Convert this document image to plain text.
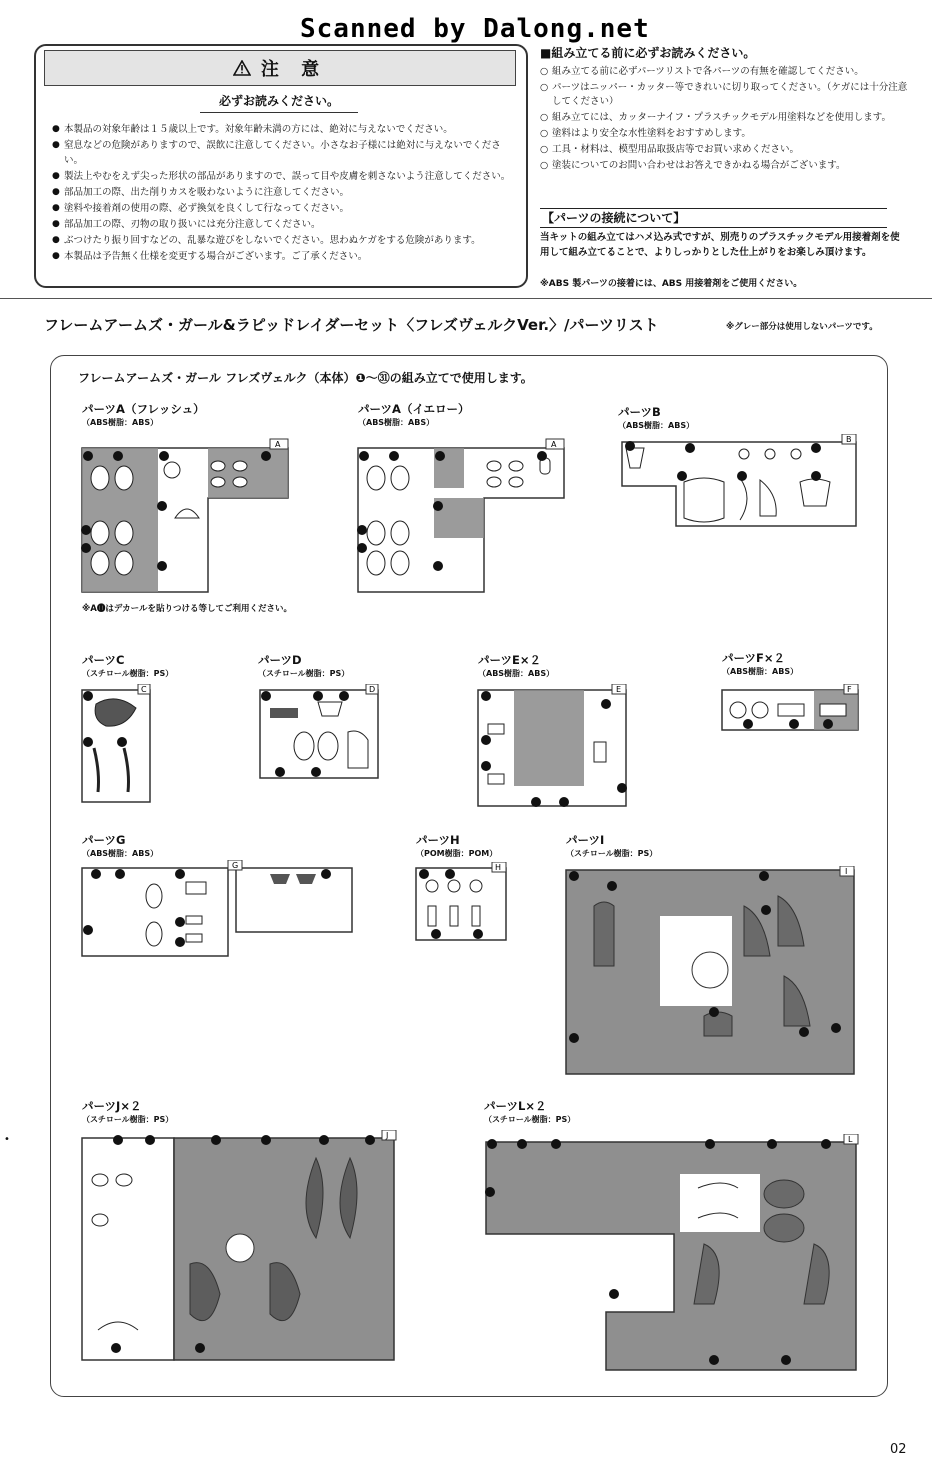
Scanned by Dalong.net
注 意
必ずお読みください。
● 本製品の対象年齢は１５歳以上です。対象年齢未満の方には、絶対に与えないでください。
● 窒息などの危険がありますので、誤飲に注意してください。小さなお子様には絶対に与えないでください。
● 製法上やむをえず尖った形状の部品がありますので、誤って目や皮膚を刺さないよう注意してください。
● 部品加工の際、出た削りカスを吸わないように注意してください。
● 塗料や接着剤の使用の際、必ず換気を良くして行なってください。
● 部品加工の際、刃物の取り扱いには充分注意してください。
● ぶつけたり振り回すなどの、乱暴な遊びをしないでください。思わぬケガをする危険があります。
● 本製品は予告無く仕様を変更する場合がございます。ご了承ください。
■組み立てる前に必ずお読みください。
○ 組み立てる前に必ずパーツリストで各パーツの有無を確認してください。
○ パーツはニッパー・カッター等できれいに切り取ってください。（ケガには十分注意してください）
○ 組み立てには、カッターナイフ・プラスチックモデル用塗料などを使用します。
○ 塗料はより安全な水性塗料をおすすめします。
○ 工具・材料は、模型用品取扱店等でお買い求めください。
○ 塗装についてのお問い合わせはお答えできかねる場合がございます。
【パーツの接続について】
当キットの組み立てはハメ込み式ですが、別売りのプラスチックモデル用接着剤を使用して組み立てることで、よりしっかりとした仕上がりをお楽しみ頂けます。
※ABS 製パーツの接着には、ABS 用接着剤をご使用ください。
フレームアームズ・ガール&ラピッドレイダーセット〈フレズヴェルクVer.〉/パーツリスト	※グレー部分は使用しないパーツです。
フレームアームズ・ガール フレズヴェルク（本体）❶～㉛の組み立てで使用します。
パーツA（フレッシュ）
（ABS樹脂：ABS）
パーツA（イエロー）
（ABS樹脂：ABS）
パーツB
（ABS樹脂：ABS）
パーツC
（スチロール樹脂：PS）
パーツD
（スチロール樹脂：PS）
パーツE×２
（ABS樹脂：ABS）
パーツF×２
（ABS樹脂：ABS）
パーツG
（ABS樹脂：ABS）
パーツH
（POM樹脂：POM）
パーツI
（スチロール樹脂：PS）
パーツJ×２
（スチロール樹脂：PS）
パーツL×２
（スチロール樹脂：PS）
※A⓫はデカールを貼りつける等してご利用ください。
A	A
B
C	D	E	F
G	H	I
J	L
•
02
